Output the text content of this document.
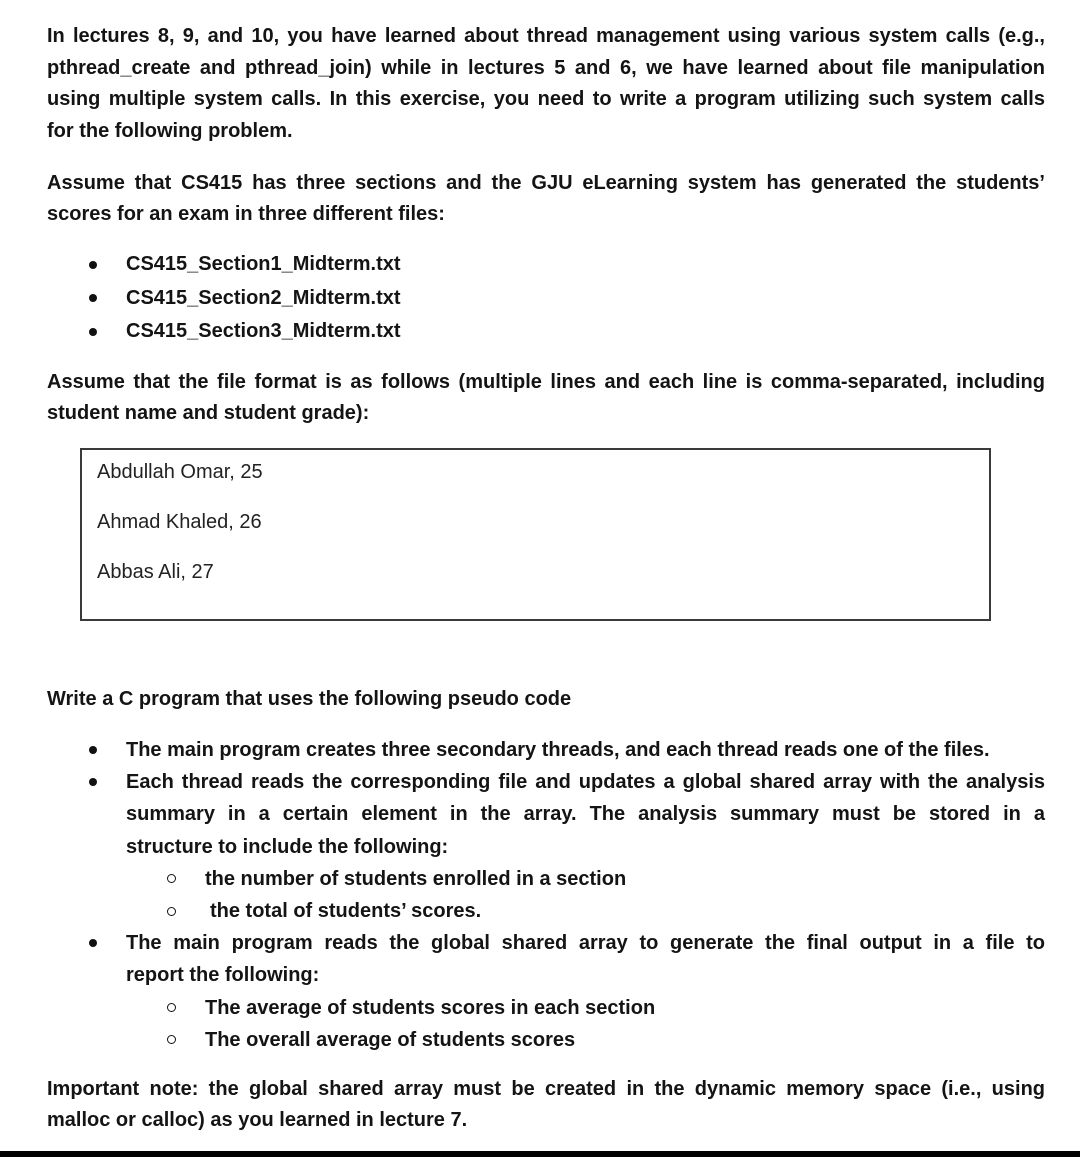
In lectures 8, 9, and 10, you have learned about thread management using various system calls (e.g.,
pthread_create and pthread_join) while in lectures 5 and 6, we have learned about file manipulation
using multiple system calls. In this exercise, you need to write a program utilizing such system calls
for the following problem.
Assume that CS415 has three sections and the GJU eLearning system has generated the students’
scores for an exam in three different files:
CS415_Section1_Midterm.txt
CS415_Section2_Midterm.txt
CS415_Section3_Midterm.txt
Assume that the file format is as follows (multiple lines and each line is comma-separated, including
student name and student grade):
Abdullah Omar, 25
Ahmad Khaled, 26
Abbas Ali, 27
Write a C program that uses the following pseudo code
The main program creates three secondary threads, and each thread reads one of the files.
Each thread reads the corresponding file and updates a global shared array with the analysis
summary in a certain element in the array. The analysis summary must be stored in a
structure to include the following:
the number of students enrolled in a section
the total of students’ scores.
The main program reads the global shared array to generate the final output in a file to
report the following:
The average of students scores in each section
The overall average of students scores
Important note: the global shared array must be created in the dynamic memory space (i.e., using
malloc or calloc) as you learned in lecture 7.
